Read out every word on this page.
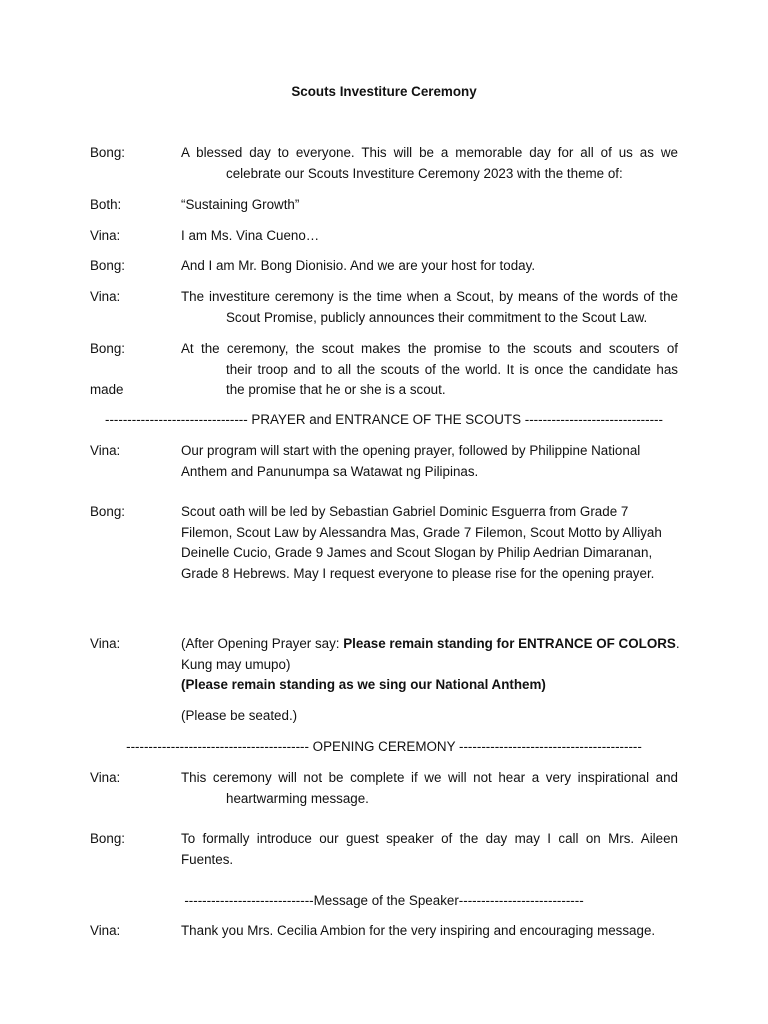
Scouts Investiture Ceremony
Bong:	A blessed day to everyone. This will be a memorable day for all of us as we
celebrate our Scouts Investiture Ceremony 2023 with the theme of:
Both:	“Sustaining Growth”
Vina:	I am Ms. Vina Cueno…
Bong:	And I am Mr. Bong Dionisio. And we are your host for today.
Vina:	The investiture ceremony is the time when a Scout, by means of the words of the
Scout Promise, publicly announces their commitment to the Scout Law.
Bong:	At the ceremony, the scout makes the promise to the scouts and scouters of
their troop and to all the scouts of the world. It is once the candidate has
the promise that he or she is a scout.
made
-------------------------------- PRAYER and ENTRANCE OF THE SCOUTS -------------------------------
Vina:	Our program will start with the opening prayer, followed by Philippine National
Anthem and Panunumpa sa Watawat ng Pilipinas.
Bong:	Scout oath will be led by Sebastian Gabriel Dominic Esguerra from Grade 7
Filemon, Scout Law by Alessandra Mas, Grade 7 Filemon, Scout Motto by Alliyah
Deinelle Cucio, Grade 9 James and Scout Slogan by Philip Aedrian Dimaranan,
Grade 8 Hebrews. May I request everyone to please rise for the opening prayer.
Vina:	(After Opening Prayer say: Please remain standing for ENTRANCE OF COLORS.
Kung may umupo)
(Please remain standing as we sing our National Anthem)
(Please be seated.)
----------------------------------------- OPENING CEREMONY -----------------------------------------
Vina:	This ceremony will not be complete if we will not hear a very inspirational and
heartwarming message.
Bong:	To formally introduce our guest speaker of the day may I call on Mrs. Aileen
Fuentes.
-----------------------------Message of the Speaker----------------------------
Vina:	Thank you Mrs. Cecilia Ambion for the very inspiring and encouraging message.
